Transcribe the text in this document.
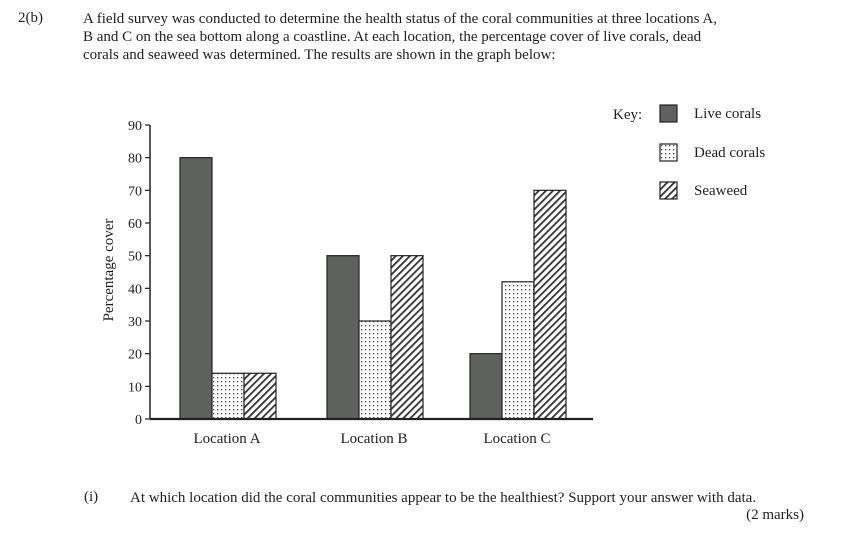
2(b)	A field survey was conducted to determine the health status of the coral communities at three locations A,

B and C on the sea bottom along a coastline. At each location, the percentage cover of live corals, dead

corals and seaweed was determined. The results are shown in the graph below:

0
10
20
30
40
50
60
70
80
90
Location A	Location B	Location C
Live corals
Dead corals
Seaweed
Percentage cover
Key:
(i) At which location did the coral communities appear to be the healthiest? Support your answer with data.
(2 marks)
